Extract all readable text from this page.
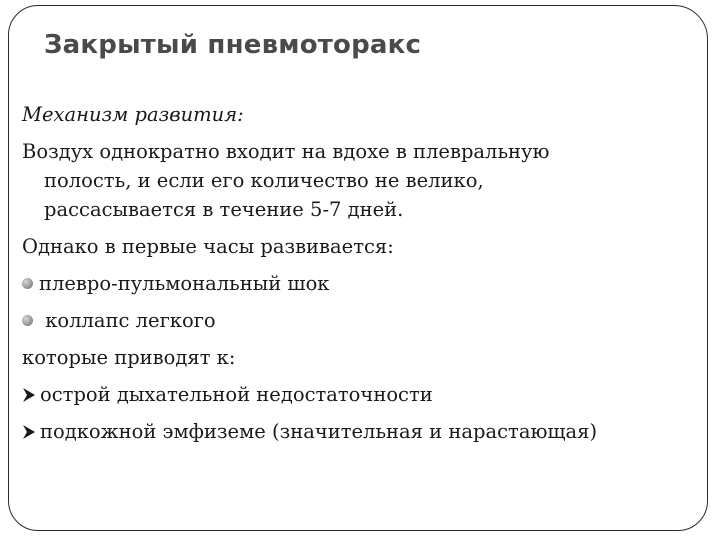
Закрытый пневмоторакс
Механизм развития:
Воздух однократно входит на вдохе в плевральную
полость, и если его количество не велико,
рассасывается в течение 5-7 дней.
Однако в первые часы развивается:
плевро-пульмональный шок
коллапс легкого
которые приводят к:
острой дыхательной недостаточности
подкожной эмфиземе (значительная и нарастающая)
